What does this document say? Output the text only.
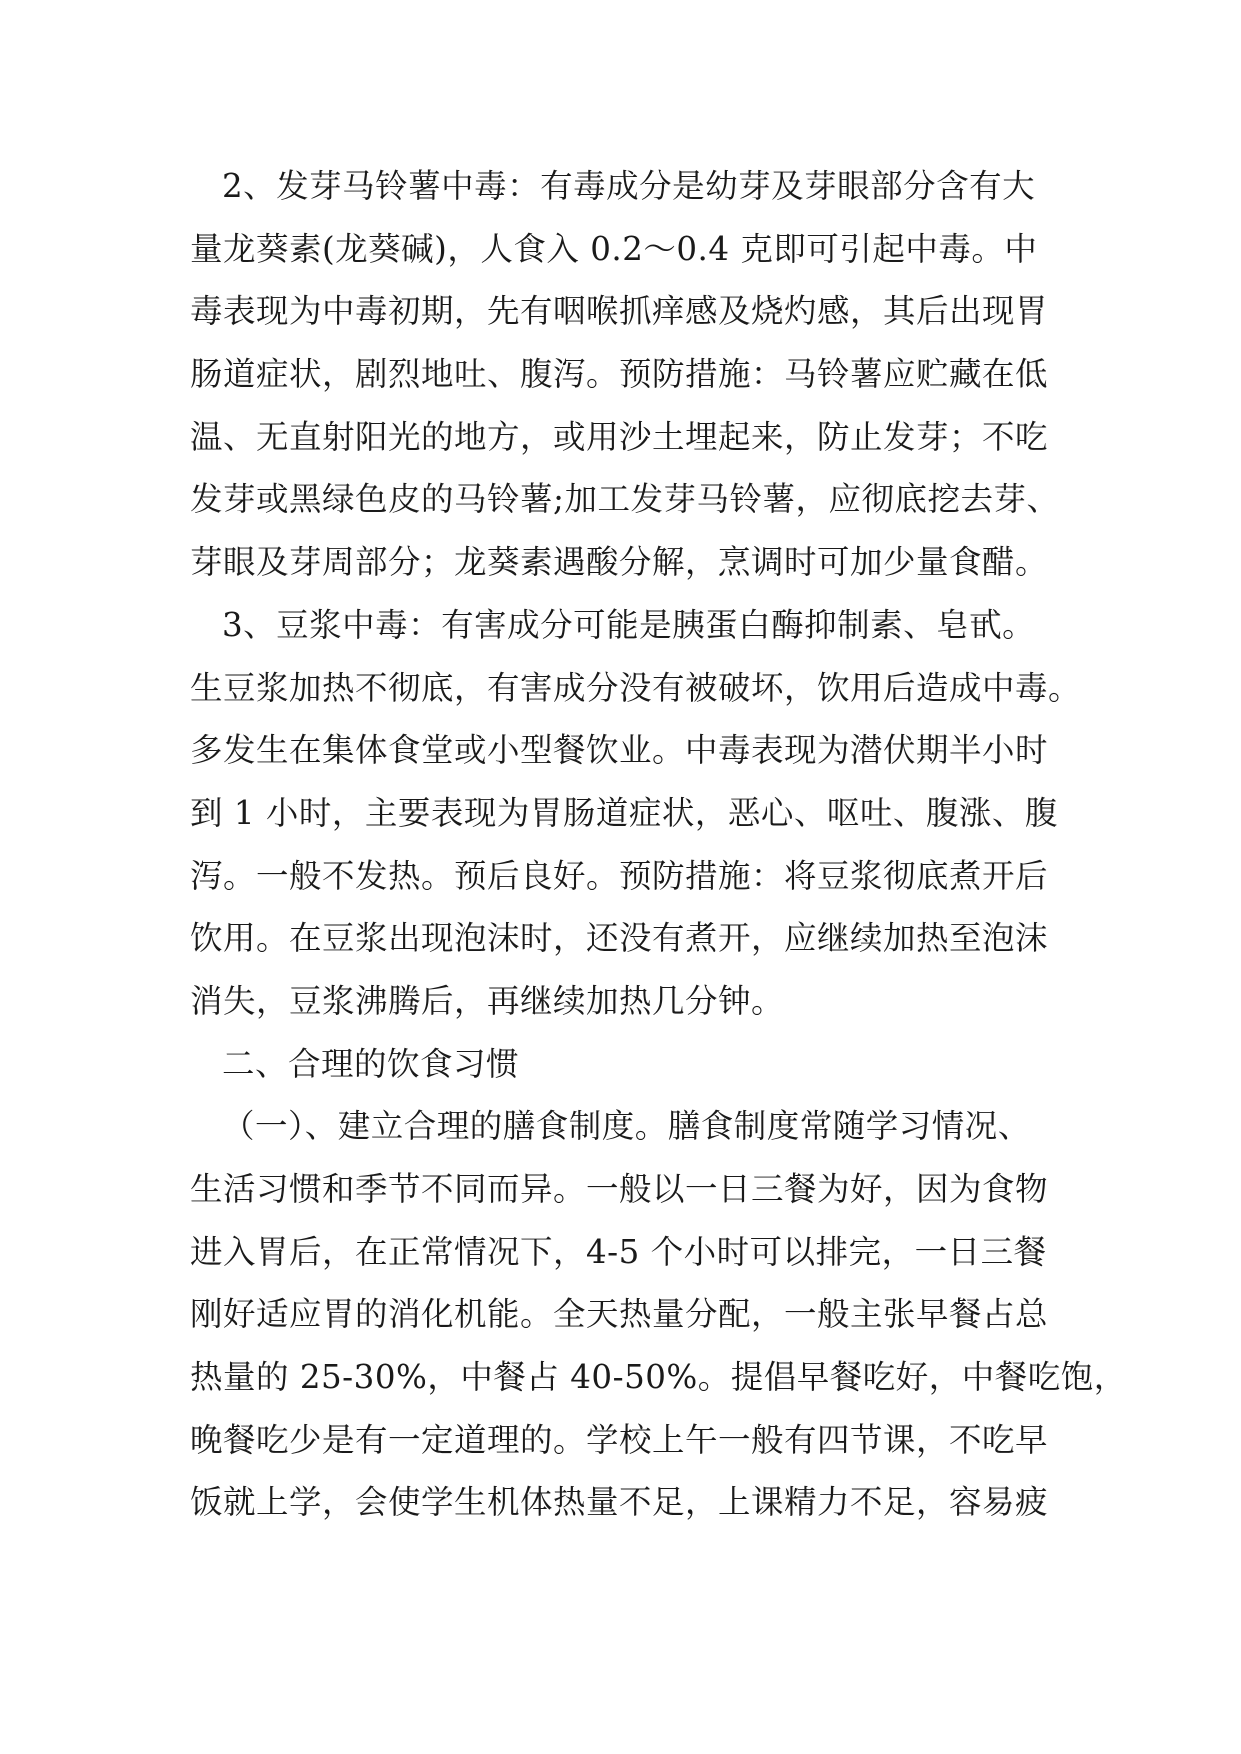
2、发芽马铃薯中毒：有毒成分是幼芽及芽眼部分含有大
量龙葵素(龙葵碱)，人食入 0.2～0.4 克即可引起中毒。中
毒表现为中毒初期，先有咽喉抓痒感及烧灼感，其后出现胃
肠道症状，剧烈地吐、腹泻。预防措施：马铃薯应贮藏在低
温、无直射阳光的地方，或用沙土埋起来，防止发芽；不吃
发芽或黑绿色皮的马铃薯;加工发芽马铃薯，应彻底挖去芽、
芽眼及芽周部分；龙葵素遇酸分解，烹调时可加少量食醋。
3、豆浆中毒：有害成分可能是胰蛋白酶抑制素、皂甙。
生豆浆加热不彻底，有害成分没有被破坏，饮用后造成中毒。
多发生在集体食堂或小型餐饮业。中毒表现为潜伏期半小时
到 1 小时，主要表现为胃肠道症状，恶心、呕吐、腹涨、腹
泻。一般不发热。预后良好。预防措施：将豆浆彻底煮开后
饮用。在豆浆出现泡沫时，还没有煮开，应继续加热至泡沫
消失，豆浆沸腾后，再继续加热几分钟。
二、合理的饮食习惯
（一）、建立合理的膳食制度。膳食制度常随学习情况、
生活习惯和季节不同而异。一般以一日三餐为好，因为食物
进入胃后，在正常情况下，4-5 个小时可以排完，一日三餐
刚好适应胃的消化机能。全天热量分配，一般主张早餐占总
热量的 25-30%，中餐占 40-50%。提倡早餐吃好，中餐吃饱，
晚餐吃少是有一定道理的。学校上午一般有四节课，不吃早
饭就上学，会使学生机体热量不足，上课精力不足，容易疲
